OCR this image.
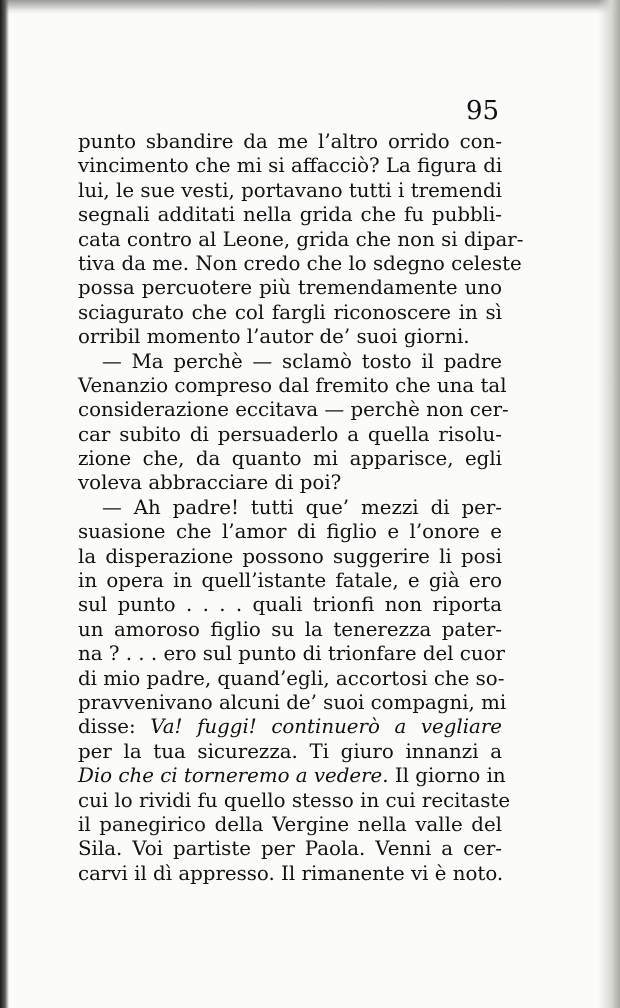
95
punto sbandire da me l’altro orrido con-
vincimento che mi si affacciò? La figura di
lui, le sue vesti, portavano tutti i tremendi
segnali additati nella grida che fu pubbli-
cata contro al Leone, grida che non si dipar-
tiva da me. Non credo che lo sdegno celeste
possa percuotere più tremendamente uno
sciagurato che col fargli riconoscere in sì
orribil momento l’autor de’ suoi giorni.
— Ma perchè — sclamò tosto il padre
Venanzio compreso dal fremito che una tal
considerazione eccitava — perchè non cer-
car subito di persuaderlo a quella risolu-
zione che, da quanto mi apparisce, egli
voleva abbracciare di poi?
— Ah padre! tutti que’ mezzi di per-
suasione che l’amor di figlio e l’onore e
la disperazione possono suggerire li posi
in opera in quell’istante fatale, e già ero
sul punto . . . . quali trionfi non riporta
un amoroso figlio su la tenerezza pater-
na ? . . . ero sul punto di trionfare del cuor
di mio padre, quand’egli, accortosi che so-
pravvenivano alcuni de’ suoi compagni, mi
disse: Va! fuggi! continuerò a vegliare
per la tua sicurezza. Ti giuro innanzi a
Dio che ci torneremo a vedere. Il giorno in
cui lo rividi fu quello stesso in cui recitaste
il panegirico della Vergine nella valle del
Sila. Voi partiste per Paola. Venni a cer-
carvi il dì appresso. Il rimanente vi è noto.
